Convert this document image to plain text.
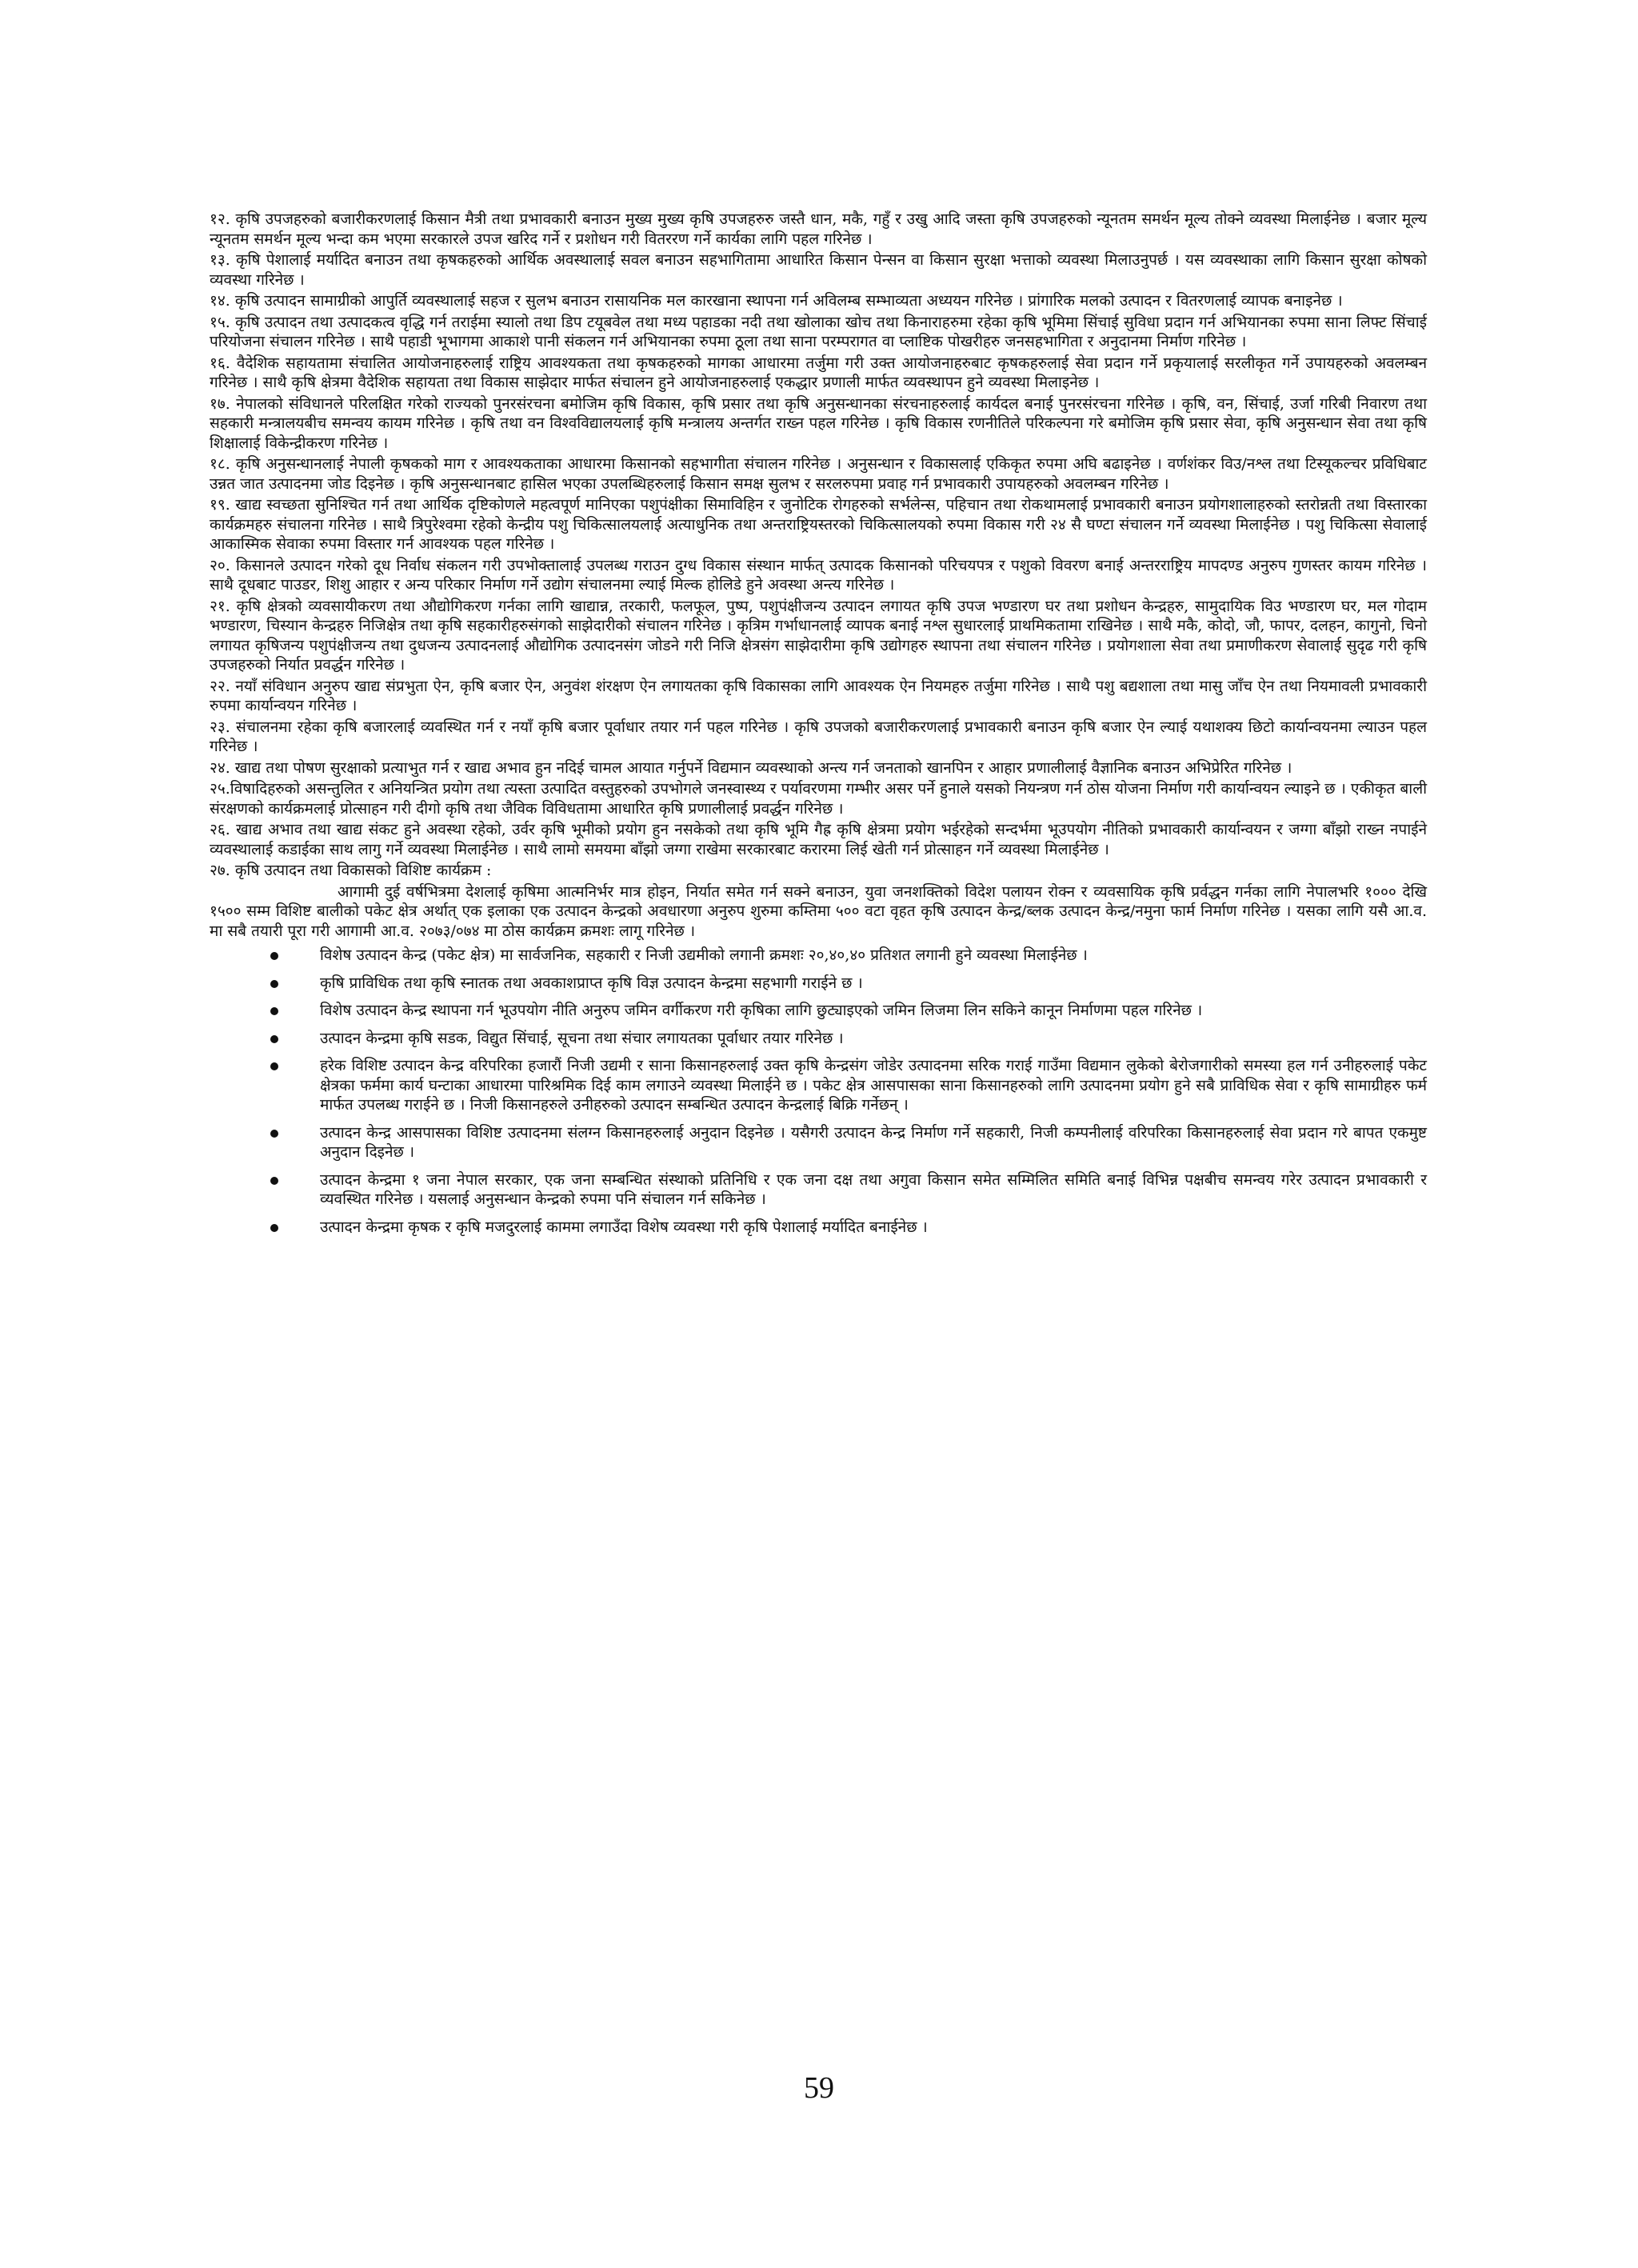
१२. कृषि उपजहरुको बजारीकरणलाई किसान मैत्री तथा प्रभावकारी बनाउन मुख्य मुख्य कृषि उपजहरुरु जस्तै धान, मकै, गहुँ र उखु आदि जस्ता कृषि उपजहरुको न्यूनतम समर्थन मूल्य तोक्ने व्यवस्था मिलाईनेछ । बजार मूल्य न्यूनतम समर्थन मूल्य भन्दा कम भएमा सरकारले उपज खरिद गर्ने र प्रशोधन गरी वितररण गर्ने कार्यका लागि पहल गरिनेछ ।

१३. कृषि पेशालाई मर्यादित बनाउन तथा कृषकहरुको आर्थिक अवस्थालाई सवल बनाउन सहभागितामा आधारित किसान पेन्सन वा किसान सुरक्षा भत्ताको व्यवस्था मिलाउनुपर्छ । यस व्यवस्थाका लागि किसान सुरक्षा कोषको व्यवस्था गरिनेछ ।

१४. कृषि उत्पादन सामाग्रीको आपुर्ति व्यवस्थालाई सहज र सुलभ बनाउन रासायनिक मल कारखाना स्थापना गर्न अविलम्ब सम्भाव्यता अध्ययन गरिनेछ । प्रांगारिक मलको उत्पादन र वितरणलाई व्यापक बनाइनेछ ।

१५. कृषि उत्पादन तथा उत्पादकत्व वृद्धि गर्न तराईमा स्यालो तथा डिप टयूबवेल तथा मध्य पहाडका नदी तथा खोलाका खोच तथा किनाराहरुमा रहेका कृषि भूमिमा सिंचाई सुविधा प्रदान गर्न अभियानका रुपमा साना लिफ्ट सिंचाई परियोजना संचालन गरिनेछ । साथै पहाडी भूभागमा आकाशे पानी संकलन गर्न अभियानका रुपमा ठूला तथा साना परम्परागत वा प्लाष्टिक पोखरीहरु जनसहभागिता र अनुदानमा निर्माण गरिनेछ ।

१६. वैदेशिक सहायतामा संचालित आयोजनाहरुलाई राष्ट्रिय आवश्यकता तथा कृषकहरुको मागका आधारमा तर्जुमा गरी उक्त आयोजनाहरुबाट कृषकहरुलाई सेवा प्रदान गर्ने प्रकृयालाई सरलीकृत गर्ने उपायहरुको अवलम्बन गरिनेछ । साथै कृषि क्षेत्रमा वैदेशिक सहायता तथा विकास साझेदार मार्फत संचालन हुने आयोजनाहरुलाई एकद्धार प्रणाली मार्फत व्यवस्थापन हुने व्यवस्था मिलाइनेछ ।

१७. नेपालको संविधानले परिलक्षित गरेको राज्यको पुनरसंरचना बमोजिम कृषि विकास, कृषि प्रसार तथा कृषि अनुसन्धानका संरचनाहरुलाई कार्यदल बनाई पुनरसंरचना गरिनेछ । कृषि, वन, सिंचाई, उर्जा गरिबी निवारण तथा सहकारी मन्त्रालयबीच समन्वय कायम गरिनेछ । कृषि तथा वन विश्वविद्यालयलाई कृषि मन्त्रालय अन्तर्गत राख्न पहल गरिनेछ । कृषि विकास रणनीतिले परिकल्पना गरे बमोजिम कृषि प्रसार सेवा, कृषि अनुसन्धान सेवा तथा कृषि शिक्षालाई विकेन्द्रीकरण गरिनेछ ।

१८. कृषि अनुसन्धानलाई नेपाली कृषकको माग र आवश्यकताका आधारमा किसानको सहभागीता संचालन गरिनेछ । अनुसन्धान र विकासलाई एकिकृत रुपमा अघि बढाइनेछ । वर्णशंकर विउ/नश्ल तथा टिस्यूकल्चर प्रविधिबाट उन्नत जात उत्पादनमा जोड दिइनेछ । कृषि अनुसन्धानबाट हासिल भएका उपलब्धिहरुलाई किसान समक्ष सुलभ र सरलरुपमा प्रवाह गर्न प्रभावकारी उपायहरुको अवलम्बन गरिनेछ ।

१९. खाद्य स्वच्छता सुनिश्चित गर्न तथा आर्थिक दृष्टिकोणले महत्वपूर्ण मानिएका पशुपंक्षीका सिमाविहिन र जुनोटिक रोगहरुको सर्भलेन्स, पहिचान तथा रोकथामलाई प्रभावकारी बनाउन प्रयोगशालाहरुको स्तरोन्नती तथा विस्तारका कार्यक्रमहरु संचालना गरिनेछ । साथै त्रिपुरेश्वमा रहेको केन्द्रीय पशु चिकित्सालयलाई अत्याधुनिक तथा अन्तराष्ट्रियस्तरको चिकित्सालयको रुपमा विकास गरी २४ सै घण्टा संचालन गर्ने व्यवस्था मिलाईनेछ । पशु चिकित्सा सेवालाई आकास्मिक सेवाका रुपमा विस्तार गर्न आवश्यक पहल गरिनेछ ।

२०. किसानले उत्पादन गरेको दूध निर्वाध संकलन गरी उपभोक्तालाई उपलब्ध गराउन दुग्ध विकास संस्थान मार्फत् उत्पादक किसानको परिचयपत्र र पशुको विवरण बनाई अन्तरराष्ट्रिय मापदण्ड अनुरुप गुणस्तर कायम गरिनेछ । साथै दूधबाट पाउडर, शिशु आहार र अन्य परिकार निर्माण गर्ने उद्योग संचालनमा ल्याई मिल्क होलिडे हुने अवस्था अन्त्य गरिनेछ ।

२१. कृषि क्षेत्रको व्यवसायीकरण तथा औद्योगिकरण गर्नका लागि खाद्यान्न, तरकारी, फलफूल, पुष्प, पशुपंक्षीजन्य उत्पादन लगायत कृषि उपज भण्डारण घर तथा प्रशोधन केन्द्रहरु, सामुदायिक विउ भण्डारण घर, मल गोदाम भण्डारण, चिस्यान केन्द्रहरु निजिक्षेत्र तथा कृषि सहकारीहरुसंगको साझेदारीको संचालन गरिनेछ । कृत्रिम गर्भाधानलाई व्यापक बनाई नश्ल सुधारलाई प्राथमिकतामा राखिनेछ । साथै मकै, कोदो, जौ, फापर, दलहन, कागुनो, चिनो लगायत कृषिजन्य पशुपंक्षीजन्य तथा दुधजन्य उत्पादनलाई औद्योगिक उत्पादनसंग जोडने गरी निजि क्षेत्रसंग साझेदारीमा कृषि उद्योगहरु स्थापना तथा संचालन गरिनेछ । प्रयोगशाला सेवा तथा प्रमाणीकरण सेवालाई सुदृढ गरी कृषि उपजहरुको निर्यात प्रवर्द्धन गरिनेछ ।

२२. नयाँ संविधान अनुरुप खाद्य संप्रभुता ऐन, कृषि बजार ऐन, अनुवंश शंरक्षण ऐन लगायतका कृषि विकासका लागि आवश्यक ऐन नियमहरु तर्जुमा गरिनेछ । साथै पशु बद्यशाला तथा मासु जाँच ऐन तथा नियमावली प्रभावकारी रुपमा कार्यान्वयन गरिनेछ ।

२३. संचालनमा रहेका कृषि बजारलाई व्यवस्थित गर्न र नयाँ कृषि बजार पूर्वाधार तयार गर्न पहल गरिनेछ । कृषि उपजको बजारीकरणलाई प्रभावकारी बनाउन कृषि बजार ऐन ल्याई यथाशक्य छिटो कार्यान्वयनमा ल्याउन पहल गरिनेछ ।

२४. खाद्य तथा पोषण सुरक्षाको प्रत्याभुत गर्न र खाद्य अभाव हुन नदिई चामल आयात गर्नुपर्ने विद्यमान व्यवस्थाको अन्त्य गर्न जनताको खानपिन र आहार प्रणालीलाई वैज्ञानिक बनाउन अभिप्रेरित गरिनेछ ।

२५.विषादिहरुको असन्तुलित र अनियन्त्रित प्रयोग तथा त्यस्ता उत्पादित वस्तुहरुको उपभोगले जनस्वास्थ्य र पर्यावरणमा गम्भीर असर पर्ने हुनाले यसको नियन्त्रण गर्न ठोस योजना निर्माण गरी कार्यान्वयन ल्याइने छ । एकीकृत बाली संरक्षणको कार्यक्रमलाई प्रोत्साहन गरी दीगो कृषि तथा जैविक विविधतामा आधारित कृषि प्रणालीलाई प्रवर्द्धन गरिनेछ ।

२६. खाद्य अभाव तथा खाद्य संकट हुने अवस्था रहेको, उर्वर कृषि भूमीको प्रयोग हुन नसकेको तथा कृषि भूमि गैह्र कृषि क्षेत्रमा प्रयोग भईरहेको सन्दर्भमा भूउपयोग नीतिको प्रभावकारी कार्यान्वयन र जग्गा बाँझो राख्न नपाईने व्यवस्थालाई कडाईका साथ लागु गर्ने व्यवस्था मिलाईनेछ । साथै लामो समयमा बाँझो जग्गा राखेमा सरकारबाट करारमा लिई खेती गर्न प्रोत्साहन गर्ने व्यवस्था मिलाईनेछ ।

२७. कृषि उत्पादन तथा विकासको विशिष्ट कार्यक्रम :

आगामी दुई वर्षभित्रमा देशलाई कृषिमा आत्मनिर्भर मात्र होइन, निर्यात समेत गर्न सक्ने बनाउन, युवा जनशक्तिको विदेश पलायन रोक्न र व्यवसायिक कृषि प्रर्वद्धन गर्नका लागि नेपालभरि १००० देखि १५०० सम्म विशिष्ट बालीको पकेट क्षेत्र अर्थात् एक इलाका एक उत्पादन केन्द्रको अवधारणा अनुरुप शुरुमा कम्तिमा ५०० वटा वृहत कृषि उत्पादन केन्द्र/ब्लक उत्पादन केन्द्र/नमुना फार्म निर्माण गरिनेछ । यसका लागि यसै आ.व. मा सबै तयारी पूरा गरी आगामी आ.व. २०७३/०७४ मा ठोस कार्यक्रम क्रमशः लागू गरिनेछ ।

विशेष उत्पादन केन्द्र (पकेट क्षेत्र) मा सार्वजनिक, सहकारी र निजी उद्यमीको लगानी क्रमशः २०,४०,४० प्रतिशत लगानी हुने व्यवस्था मिलाईनेछ ।
कृषि प्राविधिक तथा कृषि स्नातक तथा अवकाशप्राप्त कृषि विज्ञ उत्पादन केन्द्रमा सहभागी गराईने छ ।
विशेष उत्पादन केन्द्र स्थापना गर्न भूउपयोग नीति अनुरुप जमिन वर्गीकरण गरी कृषिका लागि छुट्याइएको जमिन लिजमा लिन सकिने कानून निर्माणमा पहल गरिनेछ ।
उत्पादन केन्द्रमा कृषि सडक, विद्युत सिंचाई, सूचना तथा संचार लगायतका पूर्वाधार तयार गरिनेछ ।
हरेक विशिष्ट उत्पादन केन्द्र वरिपरिका हजारौं निजी उद्यमी र साना किसानहरुलाई उक्त कृषि केन्द्रसंग जोडेर उत्पादनमा सरिक गराई गाउँमा विद्यमान लुकेको बेरोजगारीको समस्या हल गर्न उनीहरुलाई पकेट क्षेत्रका फर्ममा कार्य घन्टाका आधारमा पारिश्रमिक दिई काम लगाउने व्यवस्था मिलाईने छ । पकेट क्षेत्र आसपासका साना किसानहरुको लागि उत्पादनमा प्रयोग हुने सबै प्राविधिक सेवा र कृषि सामाग्रीहरु फर्म मार्फत उपलब्ध गराईने छ । निजी किसानहरुले उनीहरुको उत्पादन सम्बन्धित उत्पादन केन्द्रलाई बिक्रि गर्नेछन् ।
उत्पादन केन्द्र आसपासका विशिष्ट उत्पादनमा संलग्न किसानहरुलाई अनुदान दिइनेछ । यसैगरी उत्पादन केन्द्र निर्माण गर्ने सहकारी, निजी कम्पनीलाई वरिपरिका किसानहरुलाई सेवा प्रदान गरे बापत एकमुष्ट अनुदान दिइनेछ ।
उत्पादन केन्द्रमा १ जना नेपाल सरकार, एक जना सम्बन्धित संस्थाको प्रतिनिधि र एक जना दक्ष तथा अगुवा किसान समेत सम्मिलित समिति बनाई विभिन्न पक्षबीच समन्वय गरेर उत्पादन प्रभावकारी र व्यवस्थित गरिनेछ । यसलाई अनुसन्धान केन्द्रको रुपमा पनि संचालन गर्न सकिनेछ ।
उत्पादन केन्द्रमा कृषक र कृषि मजदुरलाई काममा लगाउँदा विशेष व्यवस्था गरी कृषि पेशालाई मर्यादित बनाईनेछ ।
59
